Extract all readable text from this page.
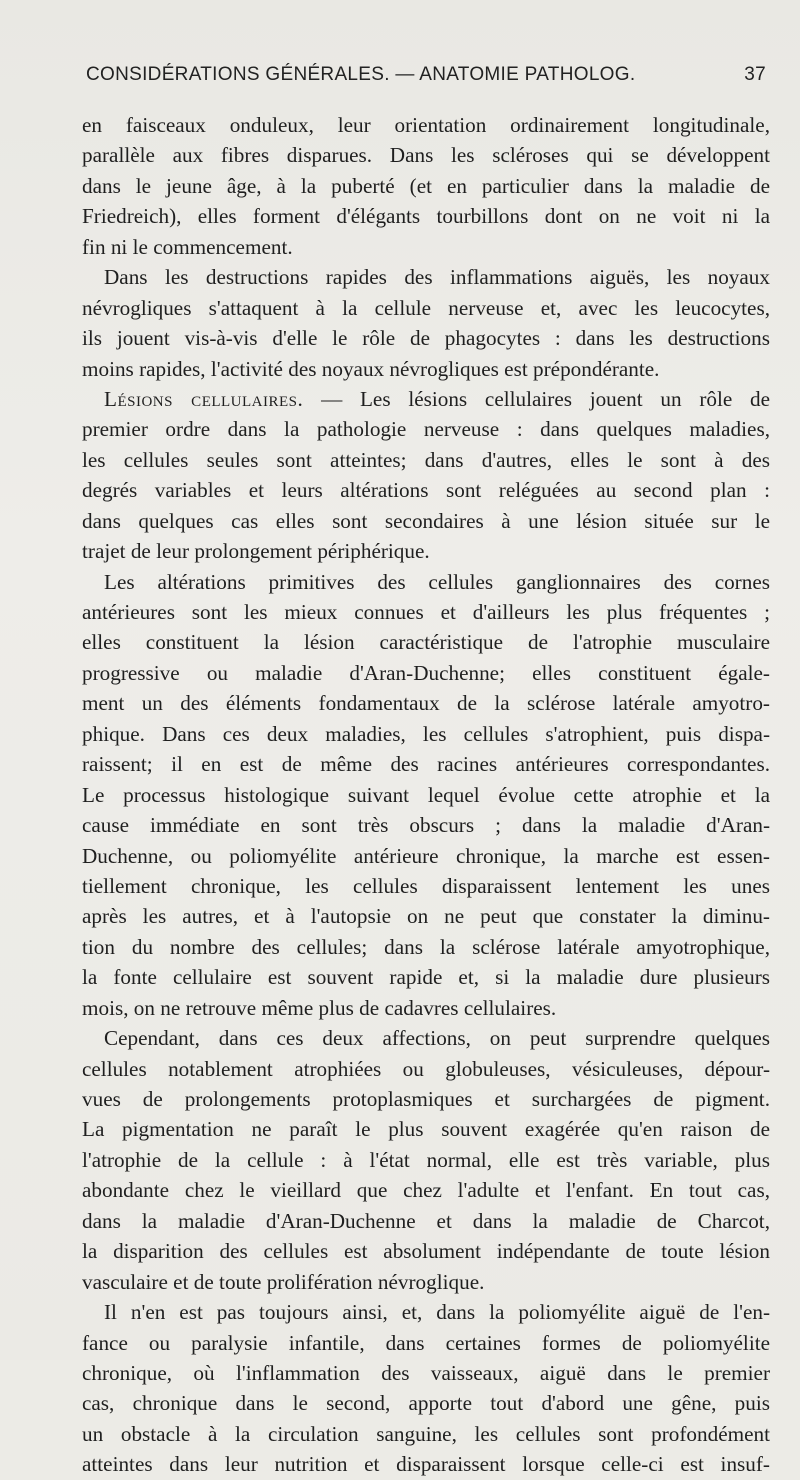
CONSIDÉRATIONS GÉNÉRALES. — ANATOMIE PATHOLOG.	37
en faisceaux onduleux, leur orientation ordinairement longitudinale,
parallèle aux fibres disparues. Dans les scléroses qui se développent
dans le jeune âge, à la puberté (et en particulier dans la maladie de
Friedreich), elles forment d'élégants tourbillons dont on ne voit ni la
fin ni le commencement.
Dans les destructions rapides des inflammations aiguës, les noyaux
névrogliques s'attaquent à la cellule nerveuse et, avec les leucocytes,
ils jouent vis-à-vis d'elle le rôle de phagocytes : dans les destructions
moins rapides, l'activité des noyaux névrogliques est prépondérante.
Lésions cellulaires. — Les lésions cellulaires jouent un rôle de
premier ordre dans la pathologie nerveuse : dans quelques maladies,
les cellules seules sont atteintes; dans d'autres, elles le sont à des
degrés variables et leurs altérations sont reléguées au second plan :
dans quelques cas elles sont secondaires à une lésion située sur le
trajet de leur prolongement périphérique.
Les altérations primitives des cellules ganglionnaires des cornes
antérieures sont les mieux connues et d'ailleurs les plus fréquentes ;
elles constituent la lésion caractéristique de l'atrophie musculaire
progressive ou maladie d'Aran-Duchenne; elles constituent égale-
ment un des éléments fondamentaux de la sclérose latérale amyotro-
phique. Dans ces deux maladies, les cellules s'atrophient, puis dispa-
raissent; il en est de même des racines antérieures correspondantes.
Le processus histologique suivant lequel évolue cette atrophie et la
cause immédiate en sont très obscurs ; dans la maladie d'Aran-
Duchenne, ou poliomyélite antérieure chronique, la marche est essen-
tiellement chronique, les cellules disparaissent lentement les unes
après les autres, et à l'autopsie on ne peut que constater la diminu-
tion du nombre des cellules; dans la sclérose latérale amyotrophique,
la fonte cellulaire est souvent rapide et, si la maladie dure plusieurs
mois, on ne retrouve même plus de cadavres cellulaires.
Cependant, dans ces deux affections, on peut surprendre quelques
cellules notablement atrophiées ou globuleuses, vésiculeuses, dépour-
vues de prolongements protoplasmiques et surchargées de pigment.
La pigmentation ne paraît le plus souvent exagérée qu'en raison de
l'atrophie de la cellule : à l'état normal, elle est très variable, plus
abondante chez le vieillard que chez l'adulte et l'enfant. En tout cas,
dans la maladie d'Aran-Duchenne et dans la maladie de Charcot,
la disparition des cellules est absolument indépendante de toute lésion
vasculaire et de toute prolifération névroglique.
Il n'en est pas toujours ainsi, et, dans la poliomyélite aiguë de l'en-
fance ou paralysie infantile, dans certaines formes de poliomyélite
chronique, où l'inflammation des vaisseaux, aiguë dans le premier
cas, chronique dans le second, apporte tout d'abord une gêne, puis
un obstacle à la circulation sanguine, les cellules sont profondément
atteintes dans leur nutrition et disparaissent lorsque celle-ci est insuf-
